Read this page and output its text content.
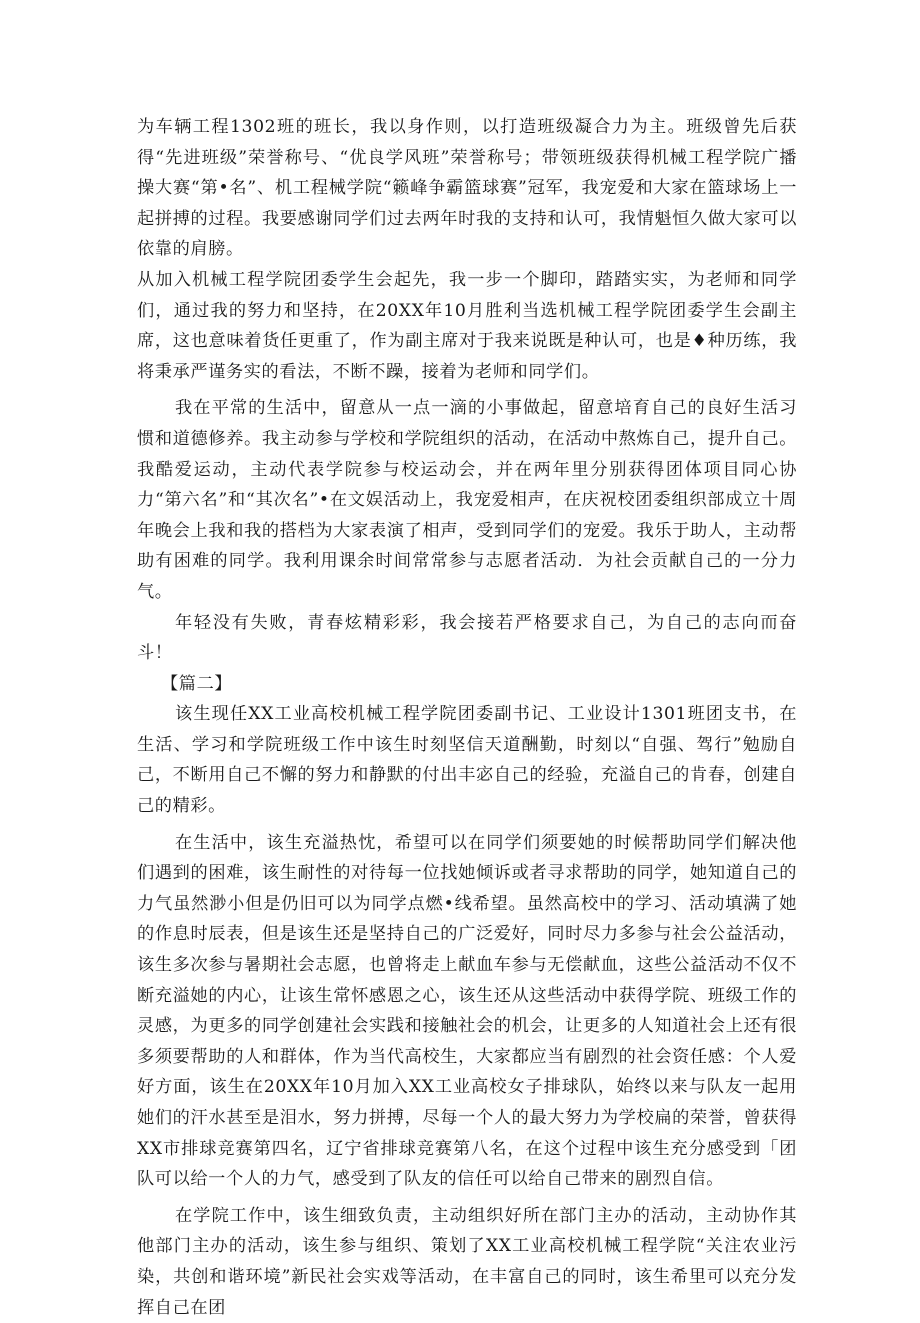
为车辆工程1302班的班长，我以身作则，以打造班级凝合力为主。班级曾先后获得“先进班级”荣誉称号、“优良学风班”荣誉称号；带领班级获得机械工程学院广播操大赛“第•名”、机工程械学院“籁峰争霸篮球赛”冠军，我宠爱和大家在篮球场上一起拼搏的过程。我要感谢同学们过去两年时我的支持和认可，我情魁恒久做大家可以依靠的肩膀。

从加入机械工程学院团委学生会起先，我一步一个脚印，踏踏实实，为老师和同学们，通过我的努力和坚持，在20XX年10月胜利当选机械工程学院团委学生会副主席，这也意味着货任更重了，作为副主席对于我来说既是种认可，也是♦种历练，我将秉承严谨务实的看法，不断不躁，接着为老师和同学们。

我在平常的生活中，留意从一点一滴的小事做起，留意培育自己的良好生活习惯和道德修养。我主动参与学校和学院组织的活动，在活动中熬炼自己，提升自己。我酷爱运动，主动代表学院参与校运动会，并在两年里分别获得团体项目同心协力“第六名”和“其次名”•在文娱活动上，我宠爱相声，在庆祝校团委组织部成立十周年晚会上我和我的搭档为大家表演了相声，受到同学们的宠爱。我乐于助人，主动帮助有困难的同学。我利用课余时间常常参与志愿者活动．为社会贡献自己的一分力气。

年轻没有失败，青春炫精彩彩，我会接若严格要求自己，为自己的志向而奋斗！

【篇二】

该生现任XX工业高校机械工程学院团委副书记、工业设计1301班团支书，在生活、学习和学院班级工作中该生时刻坚信天道酬勤，时刻以“自强、驾行”勉励自己，不断用自己不懈的努力和静默的付出丰宓自己的经验，充溢自己的肯春，创建自己的精彩。

在生活中，该生充溢热忱，希望可以在同学们须要她的时候帮助同学们解决他们遇到的困难，该生耐性的对待每一位找她倾诉或者寻求帮助的同学，她知道自己的力气虽然渺小但是仍旧可以为同学点燃•线希望。虽然高校中的学习、活动填满了她的作息时辰表，但是该生还是坚持自己的广泛爱好，同时尽力多参与社会公益活动，该生多次参与暑期社会志愿，也曾将走上献血车参与无偿献血，这些公益活动不仅不断充溢她的内心，让该生常怀感恩之心，该生还从这些活动中获得学院、班级工作的灵感，为更多的同学创建社会实践和接触社会的机会，让更多的人知道社会上还有很多须要帮助的人和群体，作为当代高校生，大家都应当有剧烈的社会资任感：个人爱好方面，该生在20XX年10月加入XX工业高校女子排球队，始终以来与队友一起用她们的汗水甚至是泪水，努力拼搏，尽每一个人的最大努力为学校扁的荣誉，曾获得XX市排球竞赛第四名，辽宁省排球竞赛第八名，在这个过程中该生充分感受到「团队可以给一个人的力气，感受到了队友的信任可以给自己带来的剧烈自信。

在学院工作中，该生细致负责，主动组织好所在部门主办的活动，主动协作其他部门主办的活动，该生参与组织、策划了XX工业高校机械工程学院“关注农业污染，共创和谐环境”新民社会实戏等活动，在丰富自己的同时，该生希里可以充分发挥自己在团
